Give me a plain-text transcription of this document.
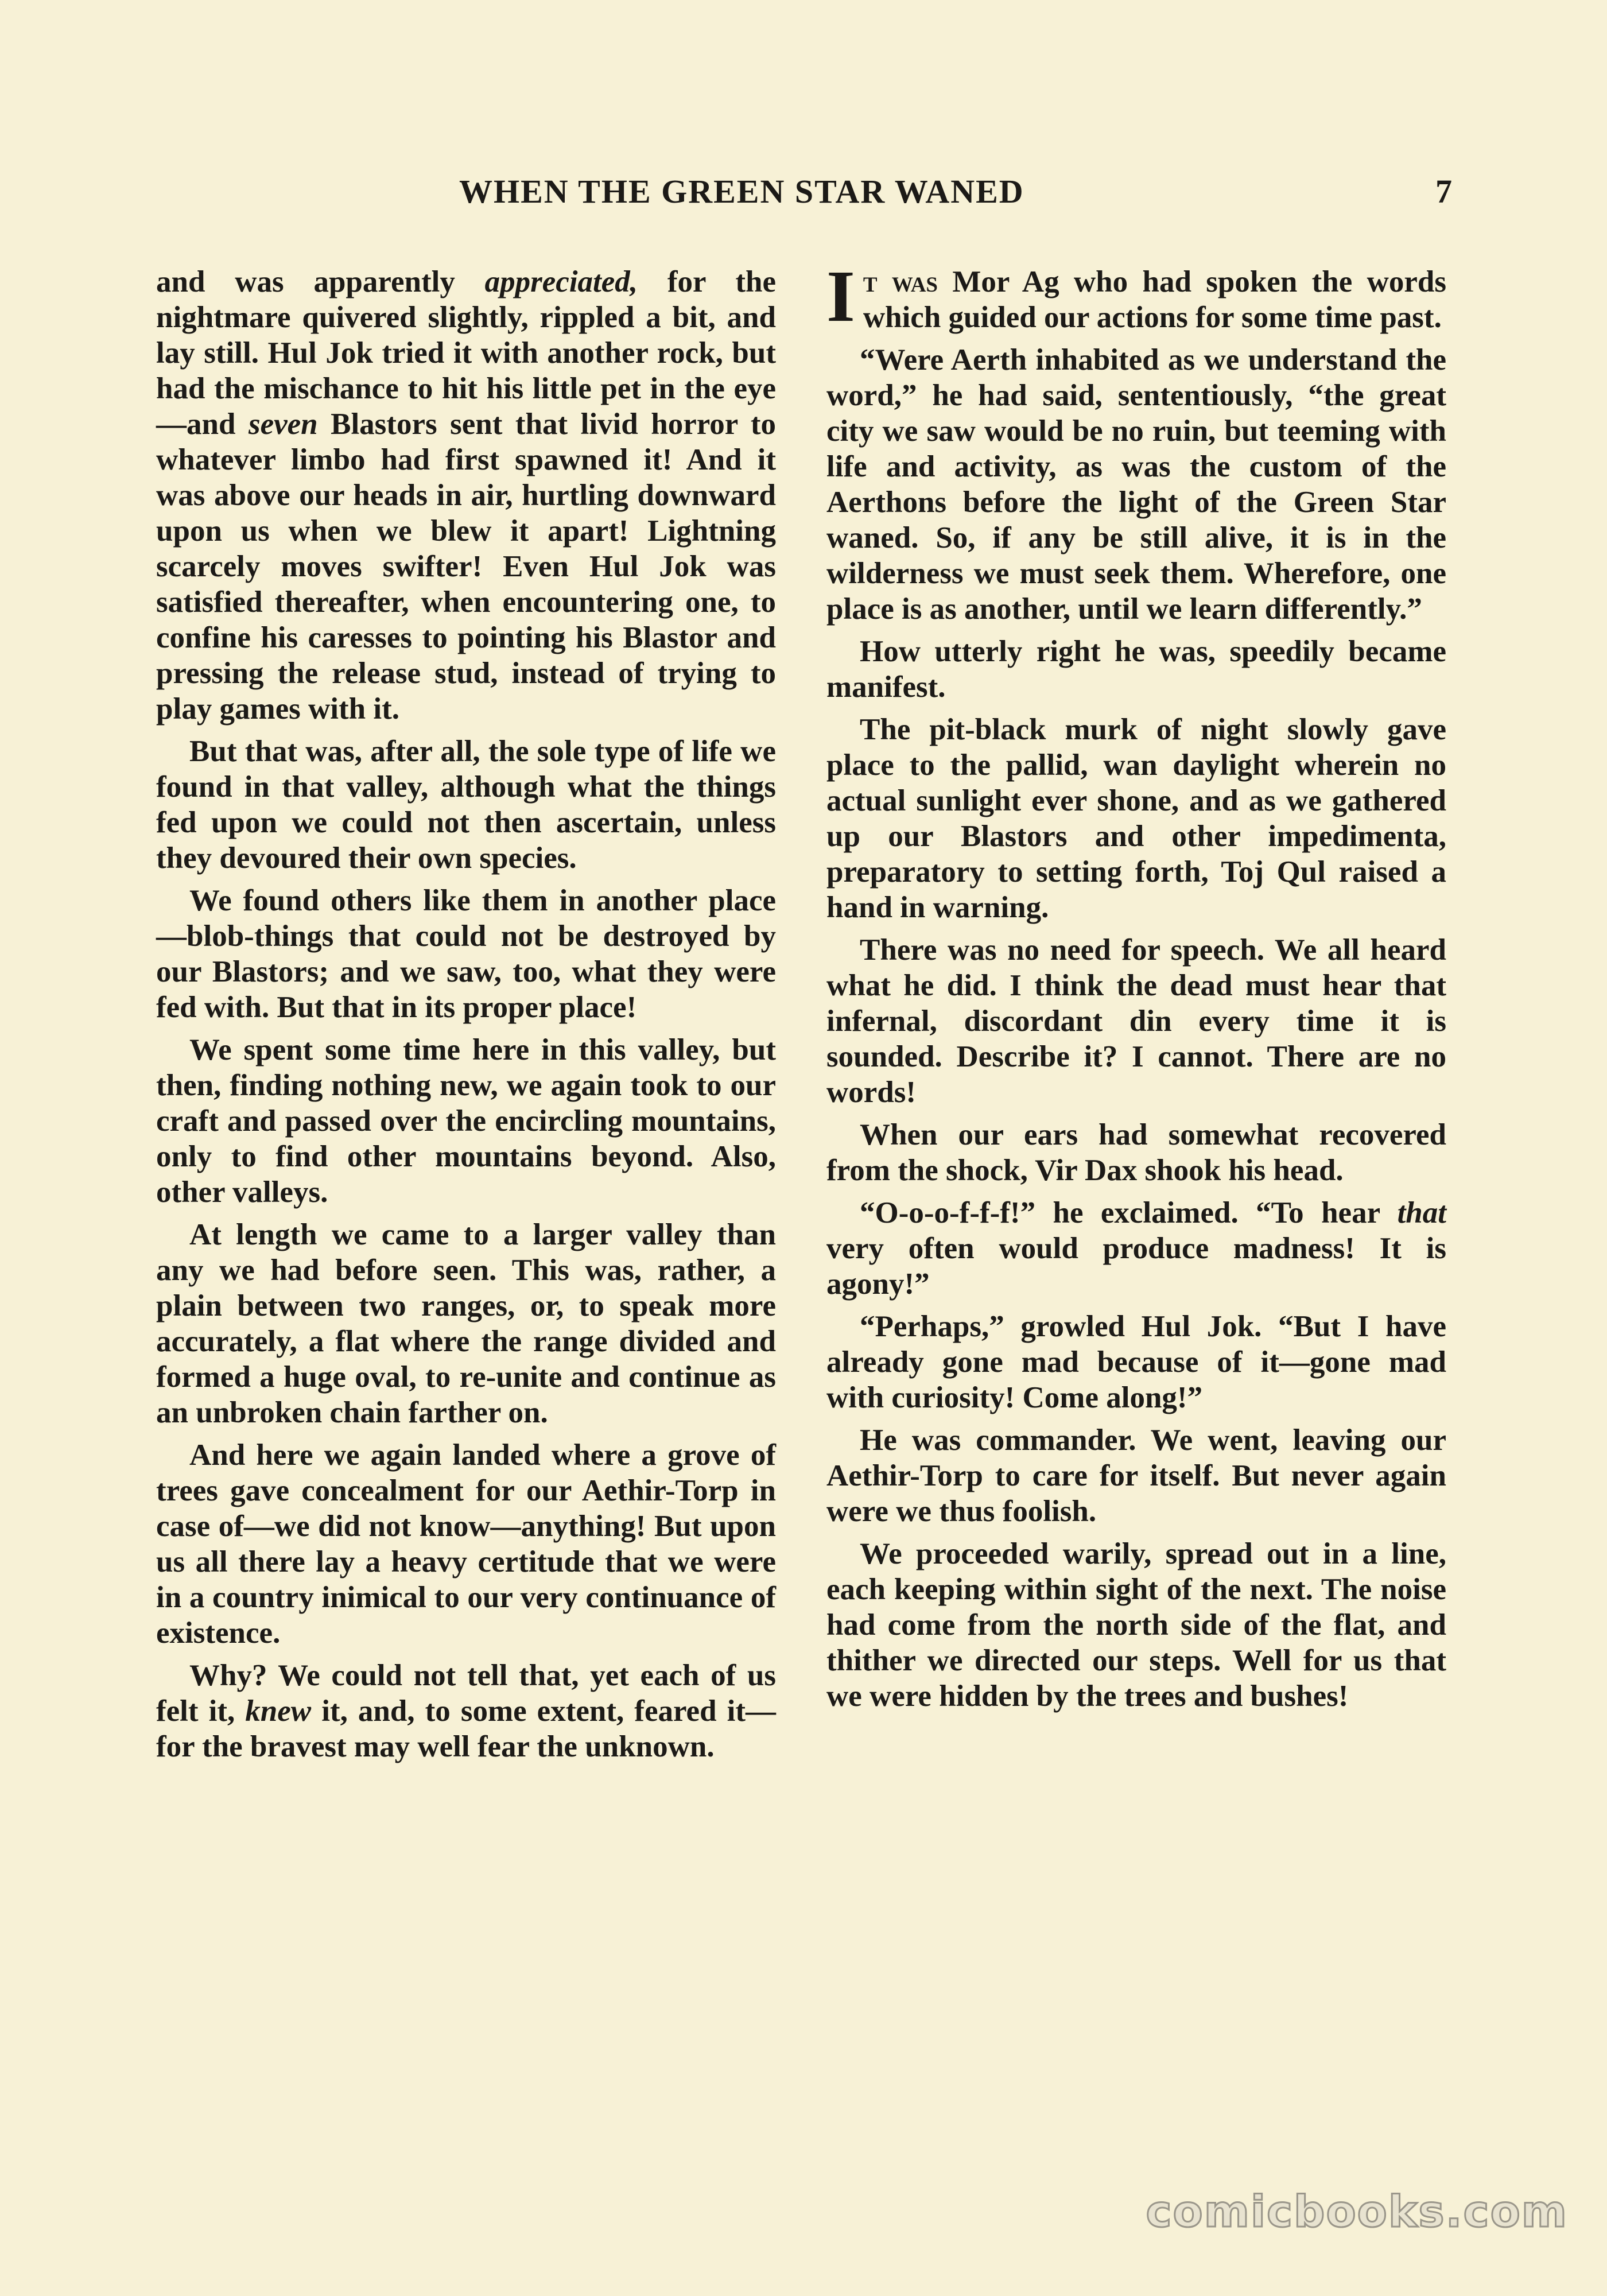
WHEN THE GREEN STAR WANED	7

and was apparently appreciated, for the nightmare quivered slightly, rippled a bit, and lay still. Hul Jok tried it with another rock, but had the mischance to hit his little pet in the eye—and seven Blastors sent that livid horror to whatever limbo had first spawned it! And it was above our heads in air, hurtling downward upon us when we blew it apart! Lightning scarcely moves swifter! Even Hul Jok was satisfied thereafter, when encountering one, to confine his caresses to pointing his Blastor and pressing the release stud, instead of trying to play games with it.

But that was, after all, the sole type of life we found in that valley, although what the things fed upon we could not then ascertain, unless they devoured their own species.

We found others like them in another place—blob-things that could not be destroyed by our Blastors; and we saw, too, what they were fed with. But that in its proper place!

We spent some time here in this valley, but then, finding nothing new, we again took to our craft and passed over the encircling mountains, only to find other mountains beyond. Also, other valleys.

At length we came to a larger valley than any we had before seen. This was, rather, a plain between two ranges, or, to speak more accurately, a flat where the range divided and formed a huge oval, to re-unite and continue as an unbroken chain farther on.

And here we again landed where a grove of trees gave concealment for our Aethir-Torp in case of—we did not know—anything! But upon us all there lay a heavy certitude that we were in a country inimical to our very continuance of existence.

Why? We could not tell that, yet each of us felt it, knew it, and, to some extent, feared it—for the bravest may well fear the unknown.

It was Mor Ag who had spoken the words which guided our actions for some time past.

“Were Aerth inhabited as we understand the word,” he had said, sententiously, “the great city we saw would be no ruin, but teeming with life and activity, as was the custom of the Aerthons before the light of the Green Star waned. So, if any be still alive, it is in the wilderness we must seek them. Wherefore, one place is as another, until we learn differently.”

How utterly right he was, speedily became manifest.

The pit-black murk of night slowly gave place to the pallid, wan daylight wherein no actual sunlight ever shone, and as we gathered up our Blastors and other impedimenta, preparatory to setting forth, Toj Qul raised a hand in warning.

There was no need for speech. We all heard what he did. I think the dead must hear that infernal, discordant din every time it is sounded. Describe it? I cannot. There are no words!

When our ears had somewhat recovered from the shock, Vir Dax shook his head.

“O-o-o-f-f-f!” he exclaimed. “To hear that very often would produce madness! It is agony!”

“Perhaps,” growled Hul Jok. “But I have already gone mad because of it—gone mad with curiosity! Come along!”

He was commander. We went, leaving our Aethir-Torp to care for itself. But never again were we thus foolish.

We proceeded warily, spread out in a line, each keeping within sight of the next. The noise had come from the north side of the flat, and thither we directed our steps. Well for us that we were hidden by the trees and bushes!

comicbooks.com
